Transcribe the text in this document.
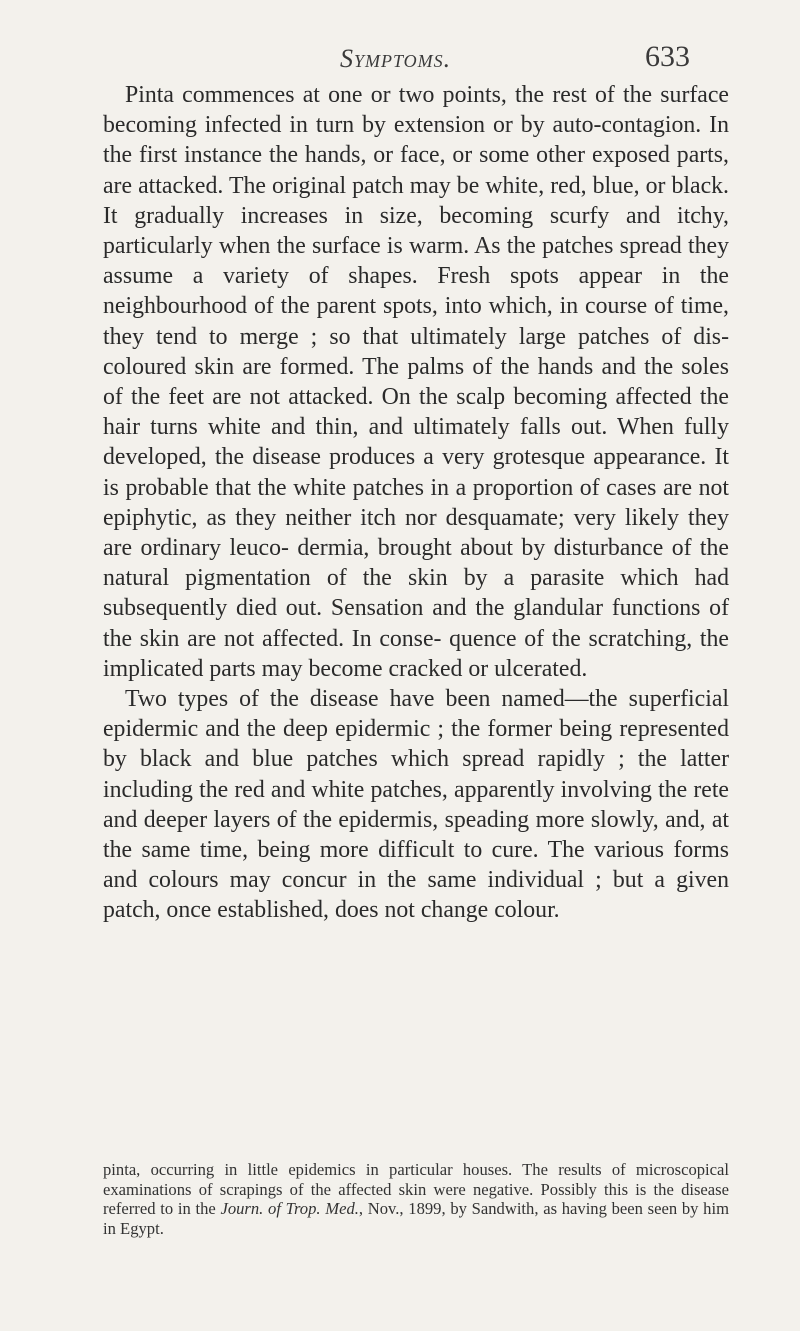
Symptoms.	633

Pinta commences at one or two points, the rest of the surface becoming infected in turn by extension or by auto-contagion. In the first instance the hands, or face, or some other exposed parts, are attacked. The original patch may be white, red, blue, or black. It gradually increases in size, becoming scurfy and itchy, particularly when the surface is warm. As the patches spread they assume a variety of shapes. Fresh spots appear in the neighbourhood of the parent spots, into which, in course of time, they tend to merge ; so that ultimately large patches of dis- coloured skin are formed. The palms of the hands and the soles of the feet are not attacked. On the scalp becoming affected the hair turns white and thin, and ultimately falls out. When fully developed, the disease produces a very grotesque appearance. It is probable that the white patches in a proportion of cases are not epiphytic, as they neither itch nor desquamate; very likely they are ordinary leuco- dermia, brought about by disturbance of the natural pigmentation of the skin by a parasite which had subsequently died out. Sensation and the glandular functions of the skin are not affected. In conse- quence of the scratching, the implicated parts may become cracked or ulcerated.

Two types of the disease have been named—the superficial epidermic and the deep epidermic ; the former being represented by black and blue patches which spread rapidly ; the latter including the red and white patches, apparently involving the rete and deeper layers of the epidermis, speading more slowly, and, at the same time, being more difficult to cure. The various forms and colours may concur in the same individual ; but a given patch, once established, does not change colour.

pinta, occurring in little epidemics in particular houses. The results of microscopical examinations of scrapings of the affected skin were negative. Possibly this is the disease referred to in the Journ. of Trop. Med., Nov., 1899, by Sandwith, as having been seen by him in Egypt.
